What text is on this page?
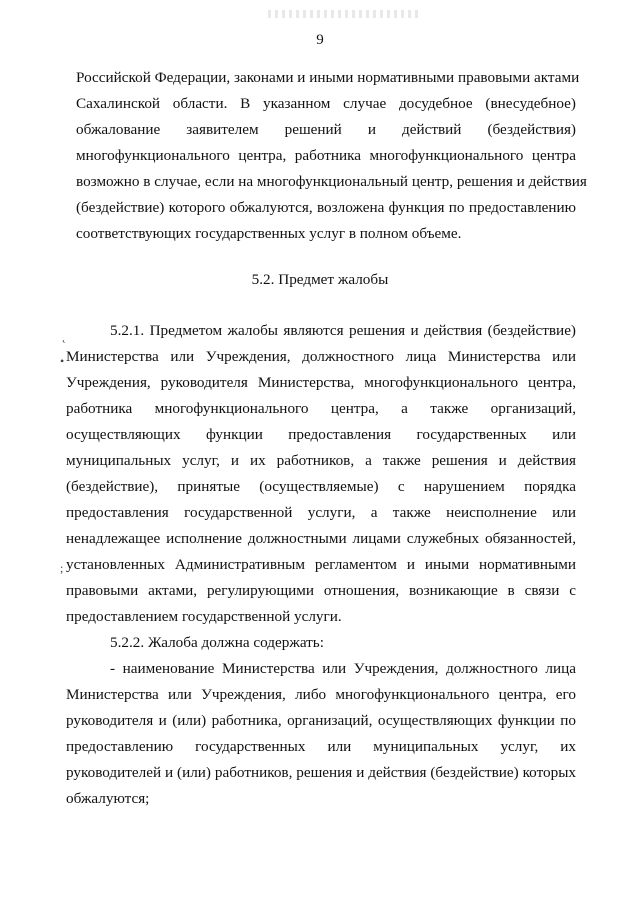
9
Российской Федерации, законами и иными нормативными правовыми актами
Сахалинской области. В указанном случае досудебное (внесудебное)
обжалование заявителем решений и действий (бездействия)
многофункционального центра, работника многофункционального центра
возможно в случае, если на многофункциональный центр, решения и действия
(бездействие) которого обжалуются, возложена функция по предоставлению
соответствующих государственных услуг в полном объеме.
5.2. Предмет жалобы
˛
•
;
5.2.1. Предметом жалобы являются решения и действия (бездействие)
Министерства или Учреждения, должностного лица Министерства или
Учреждения, руководителя Министерства, многофункционального центра,
работника многофункционального центра, а также организаций,
осуществляющих функции предоставления государственных или
муниципальных услуг, и их работников, а также решения и действия
(бездействие), принятые (осуществляемые) с нарушением порядка
предоставления государственной услуги, а также неисполнение или
ненадлежащее исполнение должностными лицами служебных обязанностей,
установленных Административным регламентом и иными нормативными
правовыми актами, регулирующими отношения, возникающие в связи с
предоставлением государственной услуги.
5.2.2. Жалоба должна содержать:
- наименование Министерства или Учреждения, должностного лица
Министерства или Учреждения, либо многофункционального центра, его
руководителя и (или) работника, организаций, осуществляющих функции по
предоставлению государственных или муниципальных услуг, их
руководителей и (или) работников, решения и действия (бездействие) которых
обжалуются;
